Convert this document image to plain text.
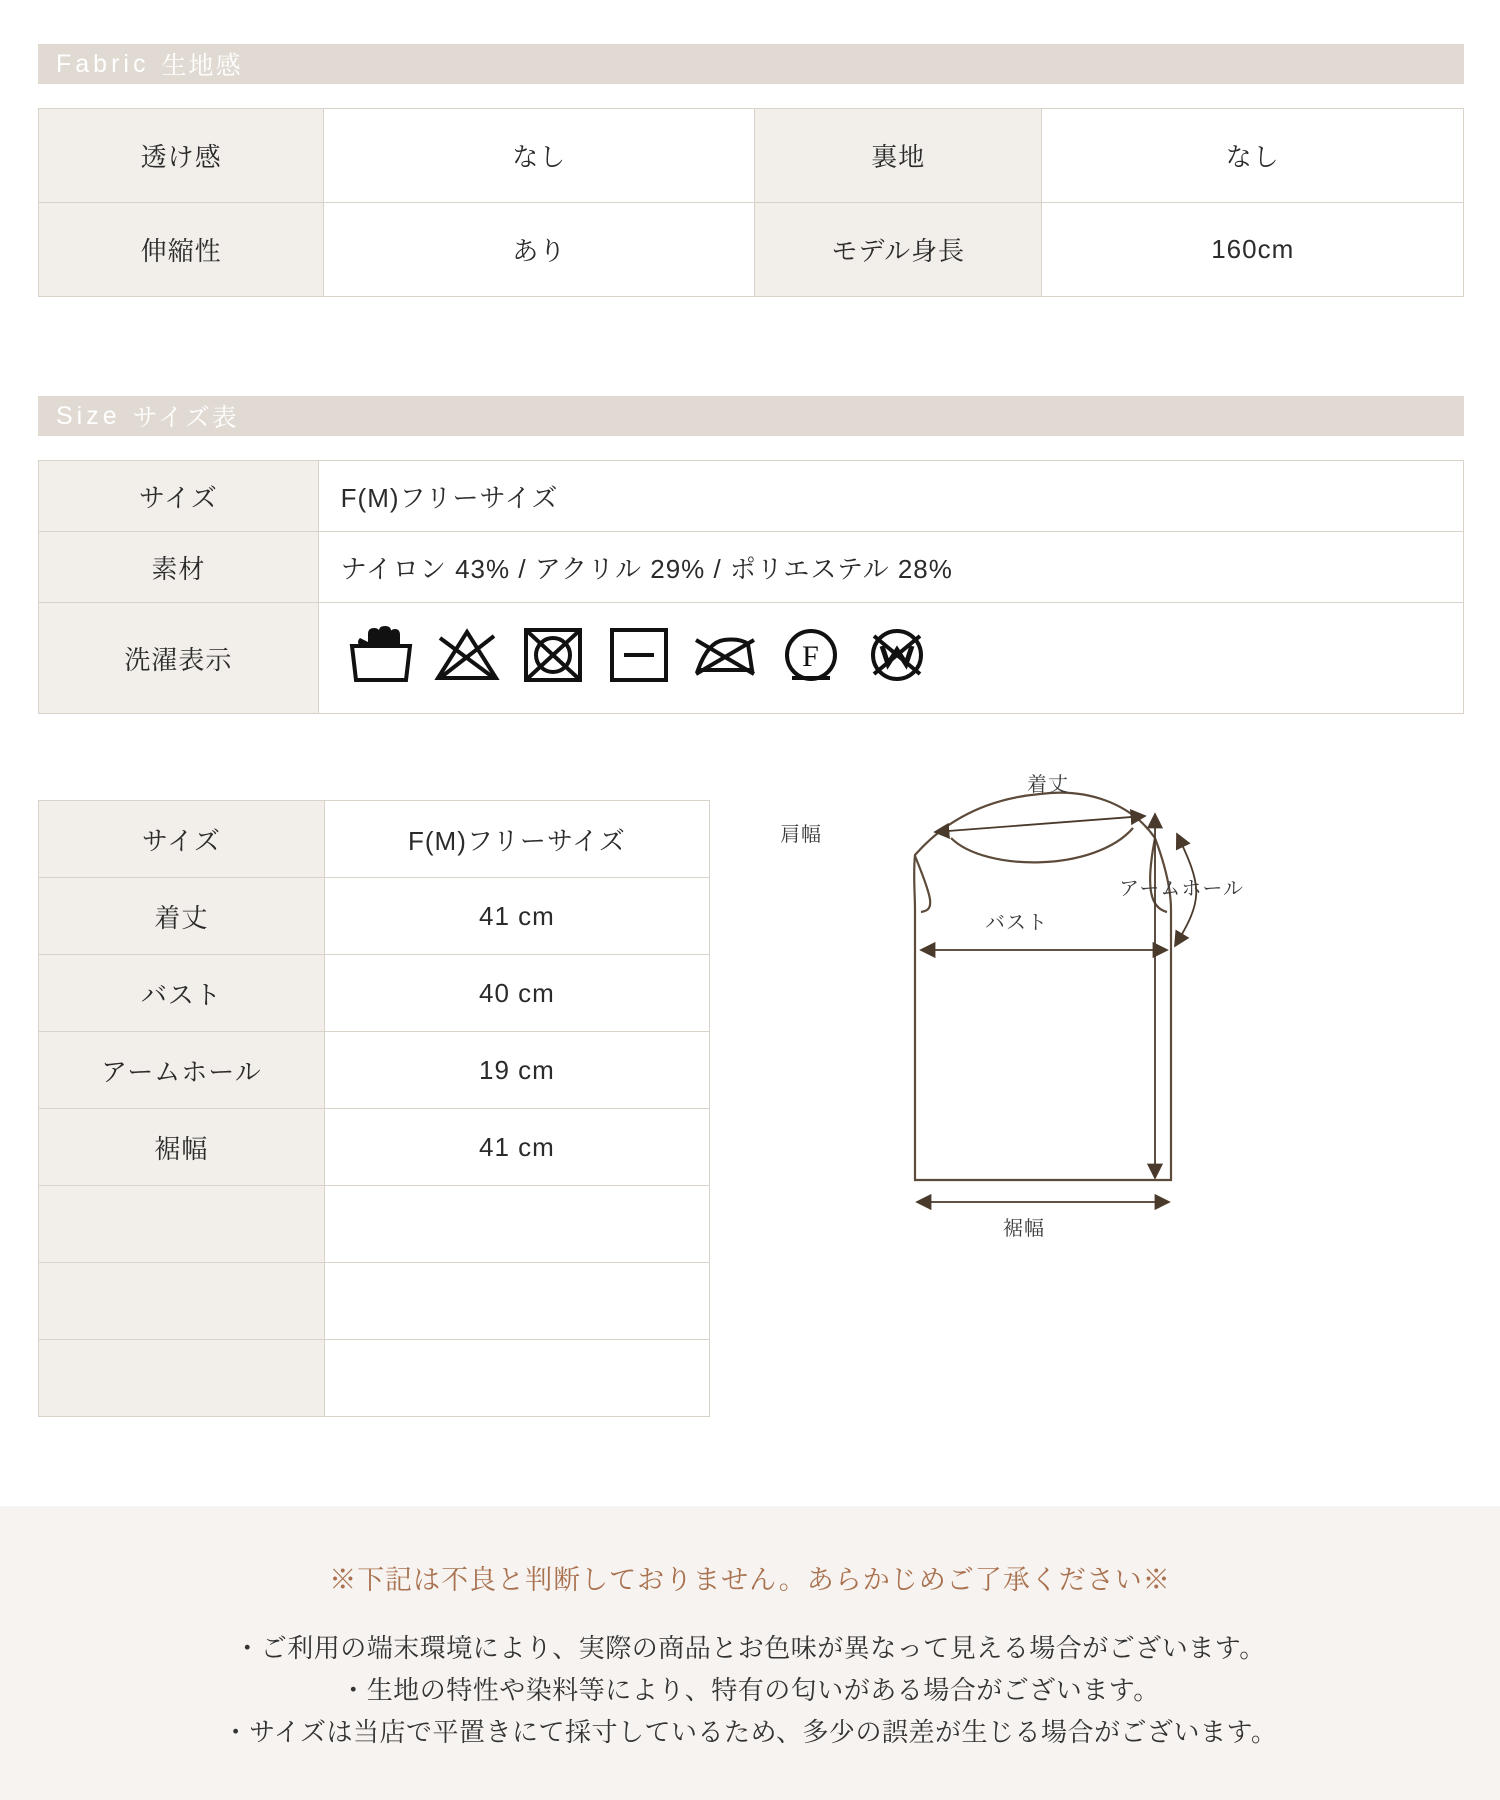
Fabric 生地感
透け感	なし	裏地	なし
伸縮性	あり	モデル身長	160cm
Size サイズ表
サイズ	F(M)フリーサイズ
素材	ナイロン 43% / アクリル 29% / ポリエステル 28%
洗濯表示	F
サイズ	F(M)フリーサイズ
着丈	41 cm
バスト	40 cm
アームホール	19 cm
裾幅	41 cm

肩幅
着丈
アームホール
バスト
裾幅
※下記は不良と判断しておりません。あらかじめご了承ください※
・ご利用の端末環境により、実際の商品とお色味が異なって見える場合がございます。
・生地の特性や染料等により、特有の匂いがある場合がございます。
・サイズは当店で平置きにて採寸しているため、多少の誤差が生じる場合がございます。
